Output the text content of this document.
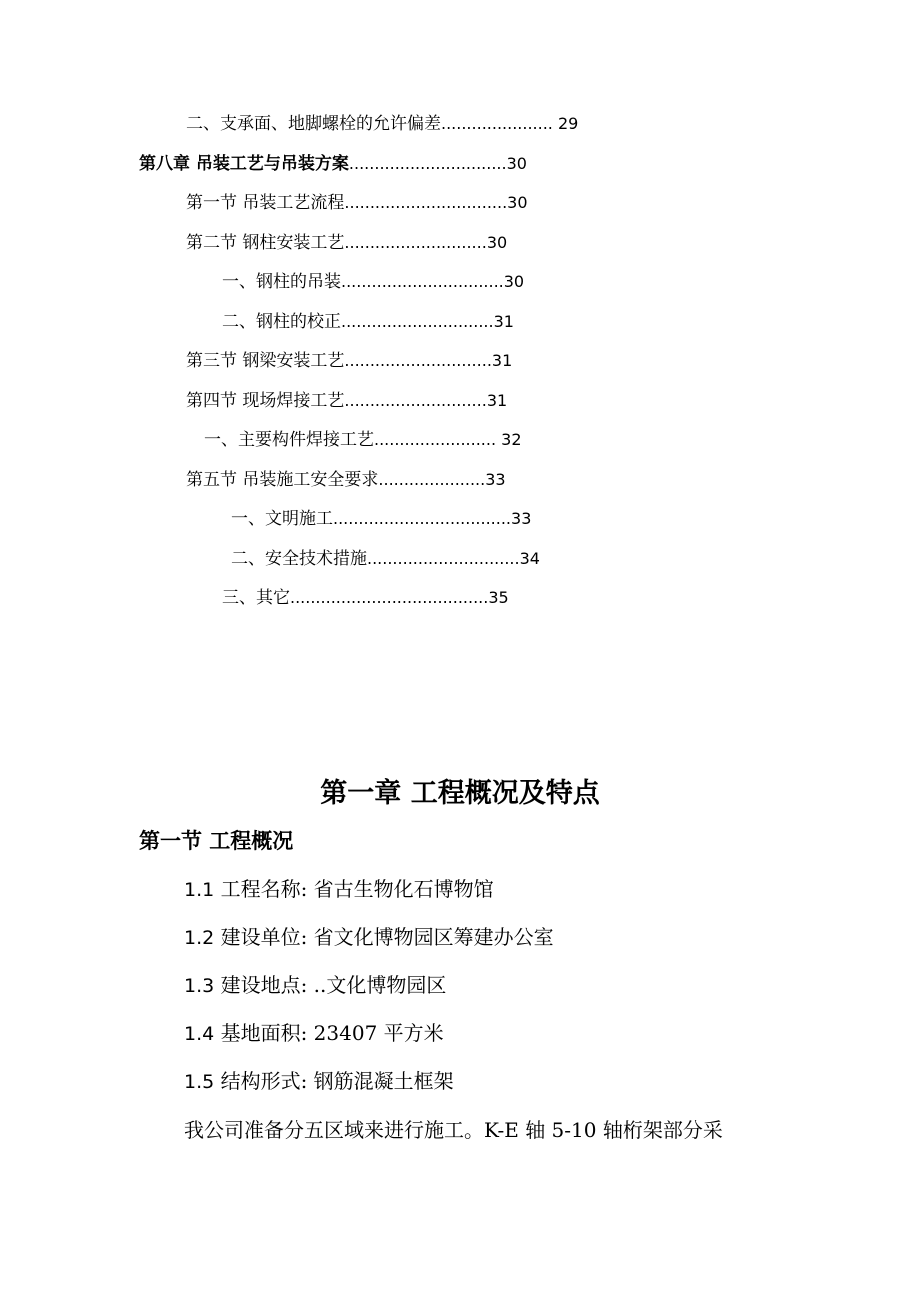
二、支承面、地脚螺栓的允许偏差...................... 29
第八章 吊装工艺与吊装方案...............................30
第一节 吊装工艺流程................................30
第二节 钢柱安装工艺............................30
一、钢柱的吊装................................30
二、钢柱的校正..............................31
第三节 钢梁安装工艺.............................31
第四节 现场焊接工艺............................31
一、主要构件焊接工艺........................ 32
第五节 吊装施工安全要求.....................33
一、文明施工...................................33
二、安全技术措施..............................34
三、其它.......................................35
第一章 工程概况及特点
第一节 工程概况
1.1 工程名称: 省古生物化石博物馆
1.2 建设单位: 省文化博物园区筹建办公室
1.3 建设地点: ..文化博物园区
1.4 基地面积: 23407 平方米
1.5 结构形式: 钢筋混凝土框架
我公司准备分五区域来进行施工。K-E 轴 5-10 轴桁架部分采
